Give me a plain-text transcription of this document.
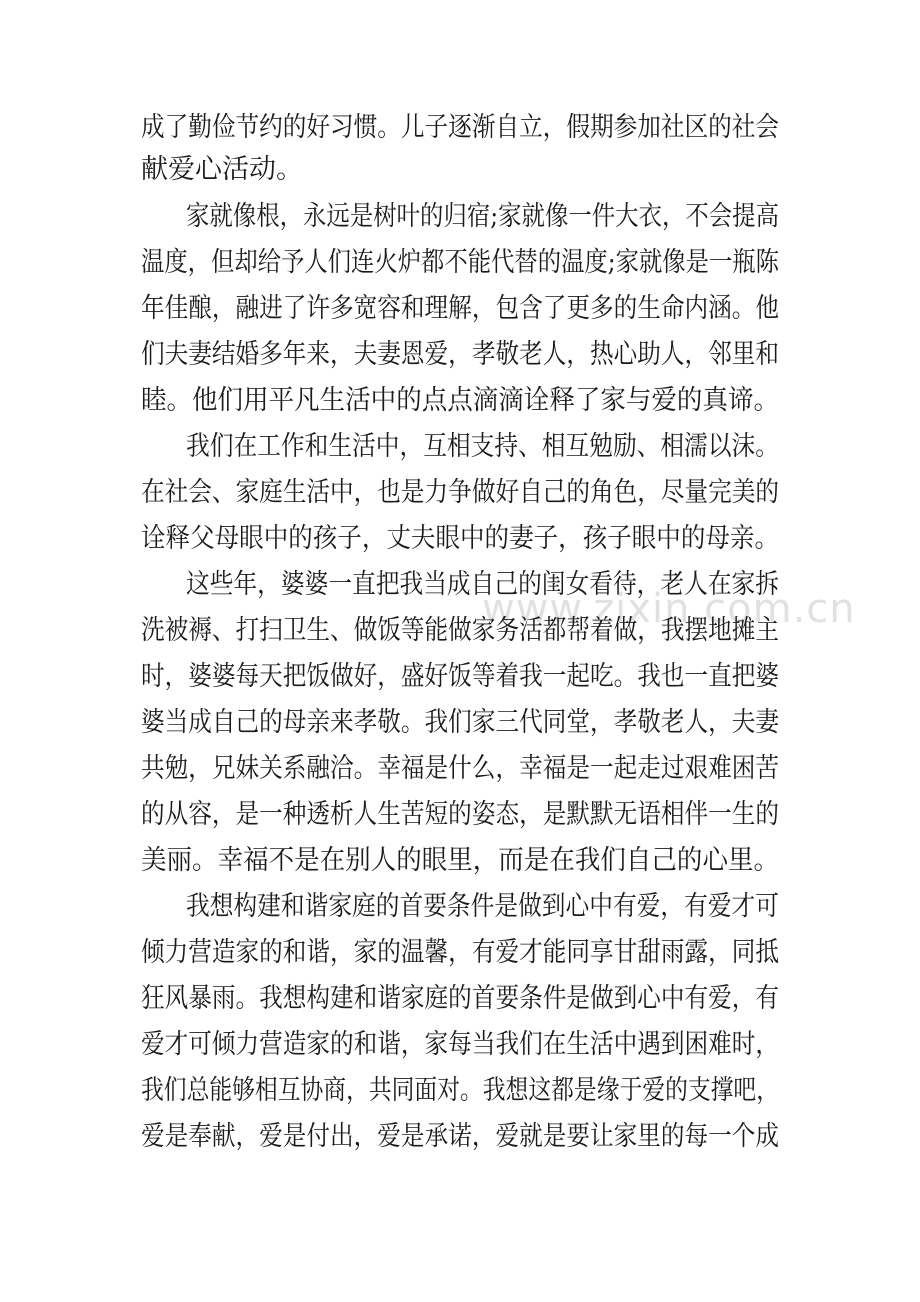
www.zixin.com.cn
成了勤俭节约的好习惯。儿子逐渐自立，假期参加社区的社会
献爱心活动。
家就像根，永远是树叶的归宿;家就像一件大衣，不会提高
温度，但却给予人们连火炉都不能代替的温度;家就像是一瓶陈
年佳酿，融进了许多宽容和理解，包含了更多的生命内涵。他
们夫妻结婚多年来，夫妻恩爱，孝敬老人，热心助人，邻里和
睦。他们用平凡生活中的点点滴滴诠释了家与爱的真谛。
我们在工作和生活中，互相支持、相互勉励、相濡以沫。
在社会、家庭生活中，也是力争做好自己的角色，尽量完美的
诠释父母眼中的孩子，丈夫眼中的妻子，孩子眼中的母亲。
这些年，婆婆一直把我当成自己的闺女看待，老人在家拆
洗被褥、打扫卫生、做饭等能做家务活都帮着做，我摆地摊主
时，婆婆每天把饭做好，盛好饭等着我一起吃。我也一直把婆
婆当成自己的母亲来孝敬。我们家三代同堂，孝敬老人，夫妻
共勉，兄妹关系融洽。幸福是什么，幸福是一起走过艰难困苦
的从容，是一种透析人生苦短的姿态，是默默无语相伴一生的
美丽。幸福不是在别人的眼里，而是在我们自己的心里。
我想构建和谐家庭的首要条件是做到心中有爱，有爱才可
倾力营造家的和谐，家的温馨，有爱才能同享甘甜雨露，同抵
狂风暴雨。我想构建和谐家庭的首要条件是做到心中有爱，有
爱才可倾力营造家的和谐，家每当我们在生活中遇到困难时，
我们总能够相互协商，共同面对。我想这都是缘于爱的支撑吧，
爱是奉献，爱是付出，爱是承诺，爱就是要让家里的每一个成
